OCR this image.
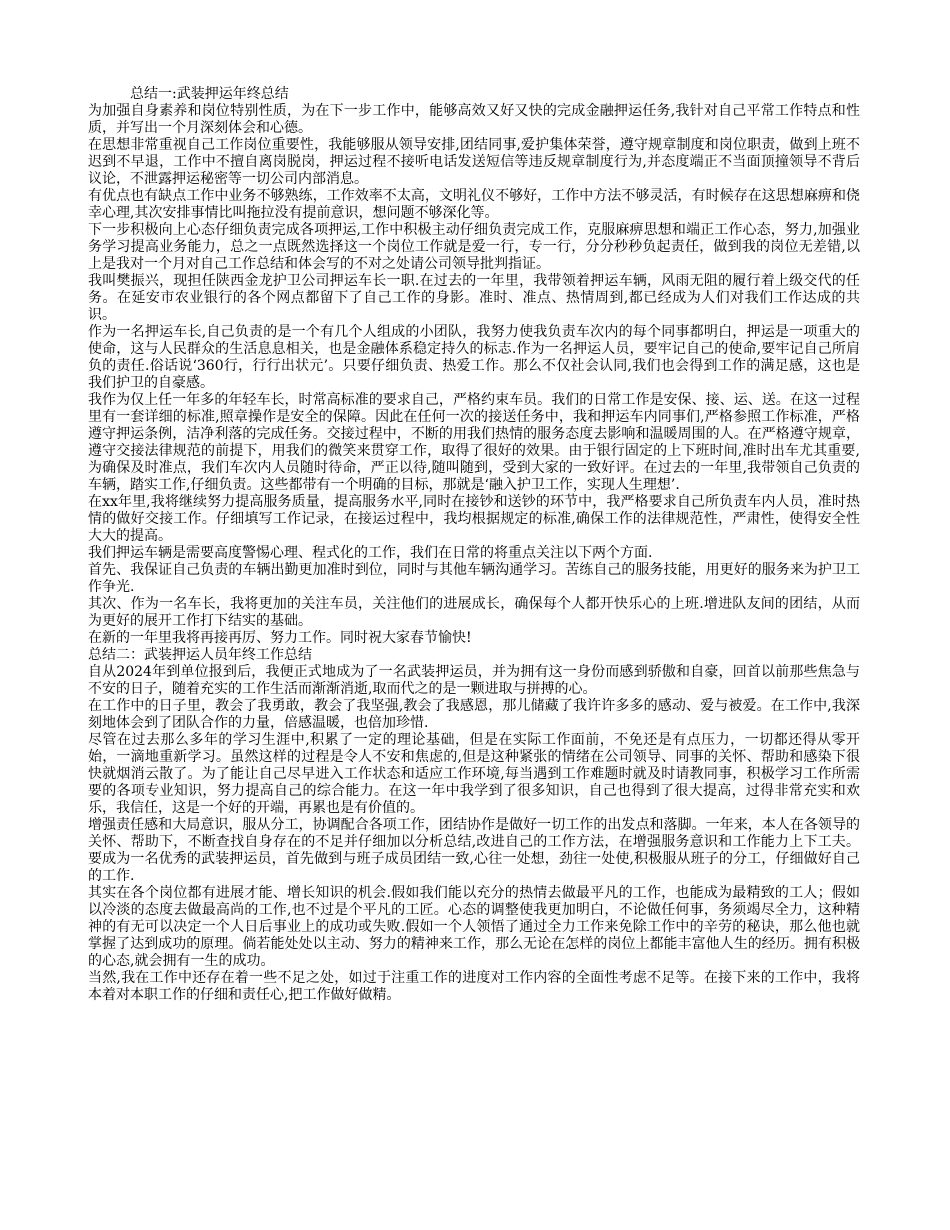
总结一:武装押运年终总结
为加强自身素养和岗位特别性质，为在下一步工作中，能够高效又好又快的完成金融押运任务,我针对自己平常工作特点和性质，并写出一个月深刻体会和心德。
在思想非常重视自己工作岗位重要性，我能够服从领导安排,团结同事,爱护集体荣誉，遵守规章制度和岗位职责，做到上班不迟到不早退，工作中不擅自离岗脱岗，押运过程不接听电话发送短信等违反规章制度行为,并态度端正不当面顶撞领导不背后议论，不泄露押运秘密等一切公司内部消息。
有优点也有缺点工作中业务不够熟练，工作效率不太高，文明礼仪不够好，工作中方法不够灵活，有时候存在这思想麻痹和侥幸心理,其次安排事情比叫拖拉没有提前意识，想问题不够深化等。
下一步积极向上心态仔细负责完成各项押运,工作中积极主动仔细负责完成工作，克服麻痹思想和端正工作心态，努力,加强业务学习提高业务能力，总之一点既然选择这一个岗位工作就是爱一行，专一行，分分秒秒负起责任，做到我的岗位无差错,以上是我对一个月对自己工作总结和体会写的不对之处请公司领导批判指证。
我叫樊振兴，现担任陕西金龙护卫公司押运车长一职.在过去的一年里，我带领着押运车辆，风雨无阻的履行着上级交代的任务。在延安市农业银行的各个网点都留下了自己工作的身影。准时、准点、热情周到,都已经成为人们对我们工作达成的共识。
作为一名押运车长,自己负责的是一个有几个人组成的小团队，我努力使我负责车次内的每个同事都明白，押运是一项重大的使命，这与人民群众的生活息息相关，也是金融体系稳定持久的标志.作为一名押运人员，要牢记自己的使命,要牢记自己所肩负的责任.俗话说‘360行，行行出状元’。只要仔细负责、热爱工作。那么不仅社会认同,我们也会得到工作的满足感，这也是我们护卫的自豪感。
我作为仅上任一年多的年轻车长，时常高标准的要求自己，严格约束车员。我们的日常工作是安保、接、运、送。在这一过程里有一套详细的标准,照章操作是安全的保障。因此在任何一次的接送任务中，我和押运车内同事们,严格参照工作标准，严格遵守押运条例，洁净利落的完成任务。交接过程中，不断的用我们热情的服务态度去影响和温暖周围的人。在严格遵守规章，遵守交接法律规范的前提下，用我们的微笑来贯穿工作，取得了很好的效果。由于银行固定的上下班时间,准时出车尤其重要,为确保及时准点，我们车次内人员随时待命，严正以待,随叫随到，受到大家的一致好评。在过去的一年里,我带领自己负责的车辆，踏实工作,仔细负责。这些都带有一个明确的目标，那就是‘融入护卫工作，实现人生理想’.
在xx年里,我将继续努力提高服务质量，提高服务水平,同时在接钞和送钞的环节中，我严格要求自己所负责车内人员，准时热情的做好交接工作。仔细填写工作记录，在接运过程中，我均根据规定的标准,确保工作的法律规范性，严肃性，使得安全性大大的提高。
我们押运车辆是需要高度警惕心理、程式化的工作，我们在日常的将重点关注以下两个方面.
首先、我保证自己负责的车辆出勤更加准时到位，同时与其他车辆沟通学习。苦练自己的服务技能，用更好的服务来为护卫工作争光.
其次、作为一名车长，我将更加的关注车员，关注他们的进展成长，确保每个人都开快乐心的上班.增进队友间的团结，从而为更好的展开工作打下结实的基础。
在新的一年里我将再接再厉、努力工作。同时祝大家春节愉快!
总结二：武装押运人员年终工作总结
自从2024年到单位报到后，我便正式地成为了一名武装押运员，并为拥有这一身份而感到骄傲和自豪，回首以前那些焦急与不安的日子，随着充实的工作生活而渐渐消逝,取而代之的是一颗进取与拼搏的心。
在工作中的日子里，教会了我勇敢，教会了我坚强,教会了我感恩，那儿储藏了我许许多多的感动、爱与被爱。在工作中,我深刻地体会到了团队合作的力量，倍感温暖，也倍加珍惜.
尽管在过去那么多年的学习生涯中,积累了一定的理论基础，但是在实际工作面前，不免还是有点压力，一切都还得从零开始，一滴地重新学习。虽然这样的过程是令人不安和焦虑的,但是这种紧张的情绪在公司领导、同事的关怀、帮助和感染下很快就烟消云散了。为了能让自己尽早进入工作状态和适应工作环境,每当遇到工作难题时就及时请教同事，积极学习工作所需要的各项专业知识，努力提高自己的综合能力。在这一年中我学到了很多知识，自己也得到了很大提高，过得非常充实和欢乐，我信任，这是一个好的开端，再累也是有价值的。
增强责任感和大局意识，服从分工，协调配合各项工作，团结协作是做好一切工作的出发点和落脚。一年来，本人在各领导的关怀、帮助下，不断查找自身存在的不足并仔细加以分析总结,改进自己的工作方法，在增强服务意识和工作能力上下工夫。要成为一名优秀的武装押运员，首先做到与班子成员团结一致,心往一处想，劲往一处使,积极服从班子的分工，仔细做好自己的工作.
其实在各个岗位都有进展才能、增长知识的机会.假如我们能以充分的热情去做最平凡的工作，也能成为最精致的工人；假如以冷淡的态度去做最高尚的工作,也不过是个平凡的工匠。心态的调整使我更加明白，不论做任何事，务须竭尽全力，这种精神的有无可以决定一个人日后事业上的成功或失败.假如一个人领悟了通过全力工作来免除工作中的辛劳的秘诀，那么他也就掌握了达到成功的原理。倘若能处处以主动、努力的精神来工作，那么无论在怎样的岗位上都能丰富他人生的经历。拥有积极的心态,就会拥有一生的成功。
当然,我在工作中还存在着一些不足之处，如过于注重工作的进度对工作内容的全面性考虑不足等。在接下来的工作中，我将本着对本职工作的仔细和责任心,把工作做好做精。
